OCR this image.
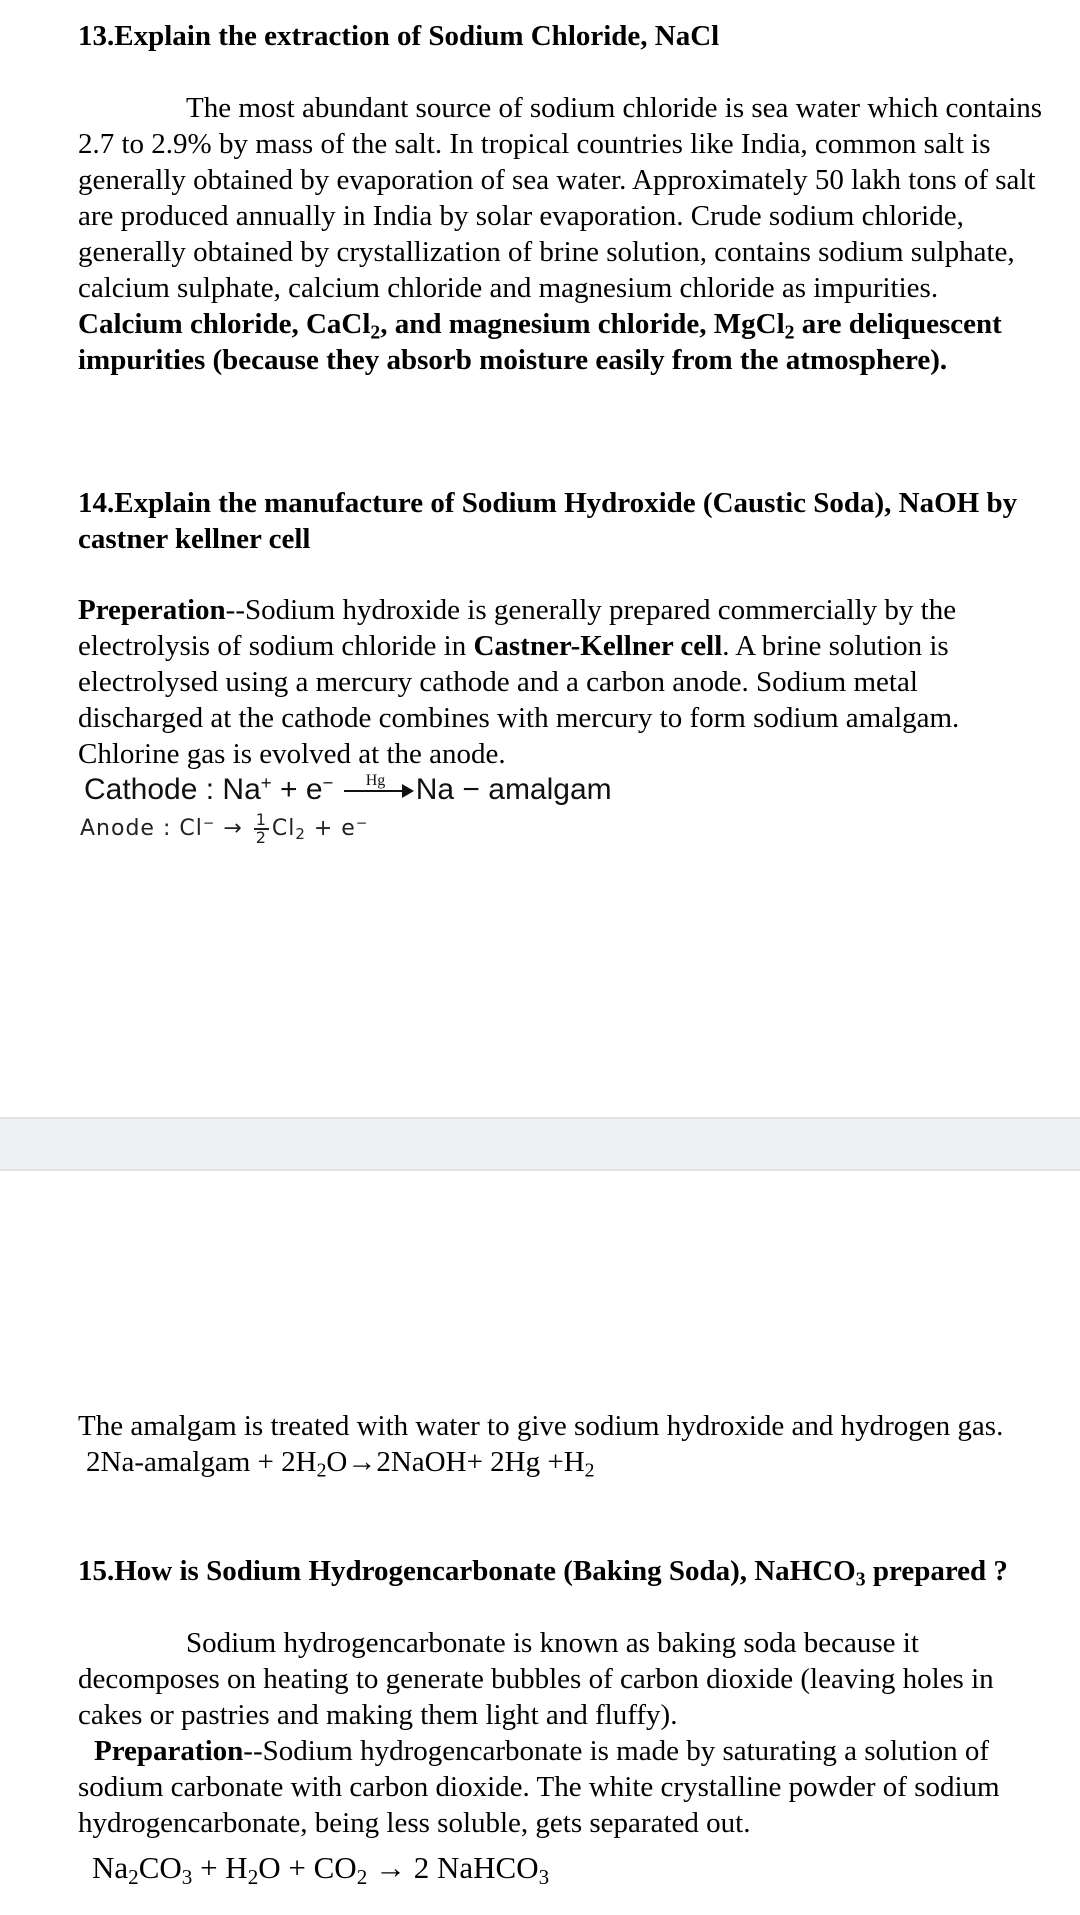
13.Explain the extraction of Sodium Chloride, NaCl
The most abundant source of sodium chloride is sea water which contains
2.7 to 2.9% by mass of the salt. In tropical countries like India, common salt is
generally obtained by evaporation of sea water. Approximately 50 lakh tons of salt
are produced annually in India by solar evaporation. Crude sodium chloride,
generally obtained by crystallization of brine solution, contains sodium sulphate,
calcium sulphate, calcium chloride and magnesium chloride as impurities.
Calcium chloride, CaCl$_2$, and magnesium chloride, MgCl$_2$ are deliquescent
impurities (because they absorb moisture easily from the atmosphere).
14.Explain the manufacture of Sodium Hydroxide (Caustic Soda), NaOH by
castner kellner cell
Preperation--Sodium hydroxide is generally prepared commercially by the
electrolysis of sodium chloride in Castner-Kellner cell. A brine solution is
electrolysed using a mercury cathode and a carbon anode. Sodium metal
discharged at the cathode combines with mercury to form sodium amalgam.
Chlorine gas is evolved at the anode.
Cathode : Na+ + e− Hg Na − amalgam
Anode : $Cl^- \to \frac{1}{2} Cl_2 + e^-$
The amalgam is treated with water to give sodium hydroxide and hydrogen gas.
2Na-amalgam + $2H_2O\to 2NaOH+ 2Hg +H_2$
15.How is Sodium Hydrogencarbonate (Baking Soda), NaHCO$_3$ prepared ?
Sodium hydrogencarbonate is known as baking soda because it
decomposes on heating to generate bubbles of carbon dioxide (leaving holes in
cakes or pastries and making them light and fluffy).
Preparation--Sodium hydrogencarbonate is made by saturating a solution of
sodium carbonate with carbon dioxide. The white crystalline powder of sodium
hydrogencarbonate, being less soluble, gets separated out.
$Na_2CO_3 + H_2O + CO_2 \to 2$ NaHCO$_3$
